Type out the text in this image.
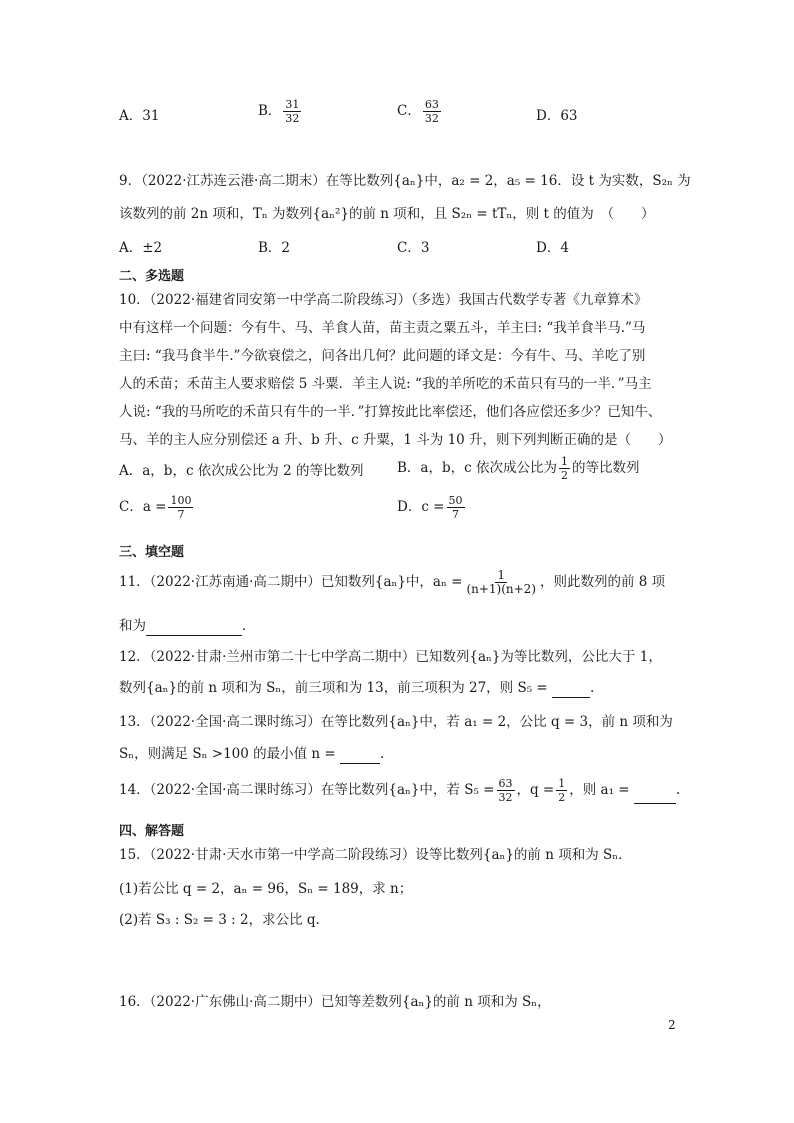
A．31	B． $\frac{31}{32}$	C． $\frac{63}{32}$	D．63
9．（2022·江苏连云港·高二期末）在等比数列{aₙ}中，a₂ = 2，a₅ = 16．设 t 为实数，S₂ₙ 为
该数列的前 2n 项和，Tₙ 为数列{aₙ²}的前 n 项和，且 S₂ₙ = tTₙ，则 t 的值为　（　　）
A．±2	B．2	C．3	D．4
二、多选题
10．（2022·福建省同安第一中学高二阶段练习）（多选）我国古代数学专著《九章算术》
中有这样一个问题：今有牛、马、羊食人苗，苗主责之粟五斗，羊主曰: “我羊食半马.”马
主曰: “我马食半牛.”今欲衰偿之，问各出几何？此问题的译文是：今有牛、马、羊吃了别
人的禾苗；禾苗主人要求赔偿 5 斗粟．羊主人说: “我的羊所吃的禾苗只有马的一半．”马主
人说: “我的马所吃的禾苗只有牛的一半．”打算按此比率偿还，他们各应偿还多少？已知牛、
马、羊的主人应分别偿还 a 升、b 升、c 升粟，1 斗为 10 升，则下列判断正确的是（　　）
A．a，b，c 依次成公比为 2 的等比数列 B．a，b，c 依次成公比为 $\frac{1}{2}$ 的等比数列
C．$a = \frac{100}{7}$	D．$c = \frac{50}{7}$
三、填空题
11．（2022·江苏南通·高二期中）已知数列{aₙ}中，$a_n = \frac{1}{(n+1)(n+2)}$ ，则此数列的前 8 项
和为	．
12．（2022·甘肃·兰州市第二十七中学高二期中）已知数列{aₙ}为等比数列，公比大于 1，
数列{aₙ}的前 n 项和为 Sₙ，前三项和为 13，前三项积为 27，则 S₅ =	.
13．（2022·全国·高二课时练习）在等比数列{aₙ}中，若 a₁ = 2，公比 q = 3，前 n 项和为
Sₙ，则满足 Sₙ >100 的最小值 n =	.
14．（2022·全国·高二课时练习）在等比数列{aₙ}中，若 $S_5 = \frac{63}{32}$ ，$q = \frac{1}{2}$ ，则 a₁ =	.
四、解答题
15．（2022·甘肃·天水市第一中学高二阶段练习）设等比数列{aₙ}的前 n 项和为 Sₙ．
(1)若公比 q = 2，aₙ = 96，Sₙ = 189，求 n；
(2)若 S₃ : S₂ = 3 : 2，求公比 q．
16．（2022·广东佛山·高二期中）已知等差数列{aₙ}的前 n 项和为 Sₙ，
2
